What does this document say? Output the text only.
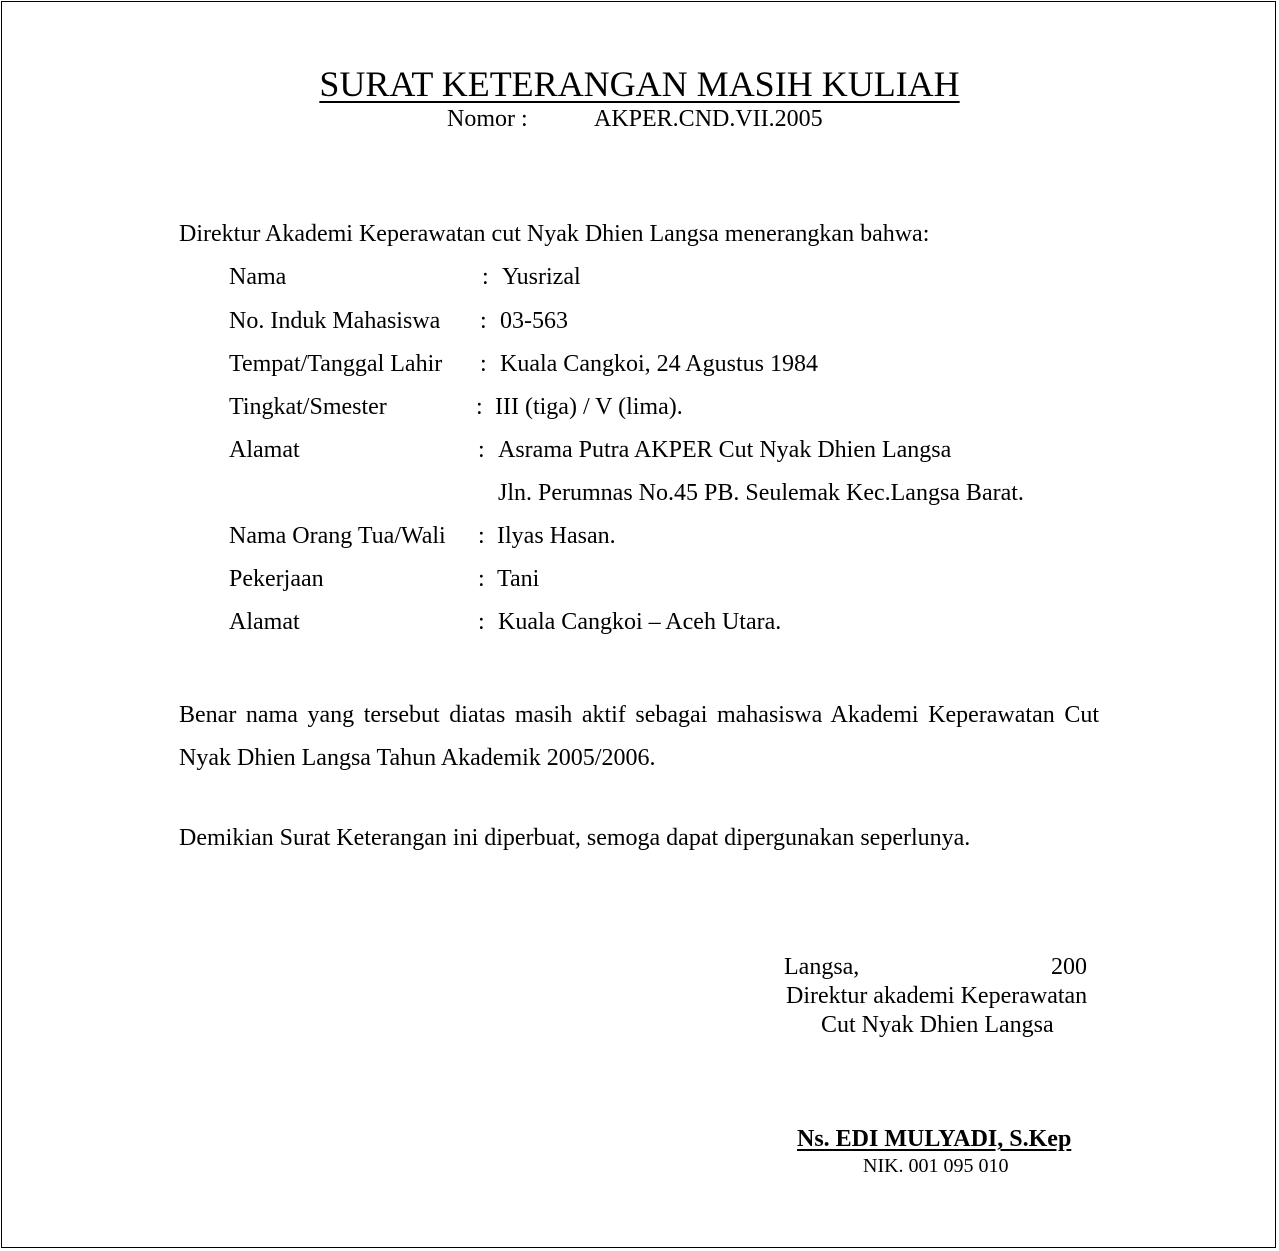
SURAT KETERANGAN MASIH KULIAH
Nomor :	AKPER.CND.VII.2005
Direktur Akademi Keperawatan cut Nyak Dhien Langsa menerangkan bahwa:
Nama	: Yusrizal
No. Induk Mahasiswa : 03-563
Tempat/Tanggal Lahir : Kuala Cangkoi, 24 Agustus 1984
Tingkat/Smester	: III (tiga) / V (lima).
Alamat	: Asrama Putra AKPER Cut Nyak Dhien Langsa
Jln. Perumnas No.45 PB. Seulemak Kec.Langsa Barat.
Nama Orang Tua/Wali : Ilyas Hasan.
Pekerjaan	: Tani
Alamat	: Kuala Cangkoi – Aceh Utara.
Benar nama yang tersebut diatas masih aktif sebagai mahasiswa Akademi Keperawatan Cut Nyak Dhien Langsa Tahun Akademik 2005/2006.
Demikian Surat Keterangan ini diperbuat, semoga dapat dipergunakan seperlunya.
Langsa,	200
Direktur akademi Keperawatan
Cut Nyak Dhien Langsa
Ns. EDI MULYADI, S.Kep
NIK. 001 095 010
